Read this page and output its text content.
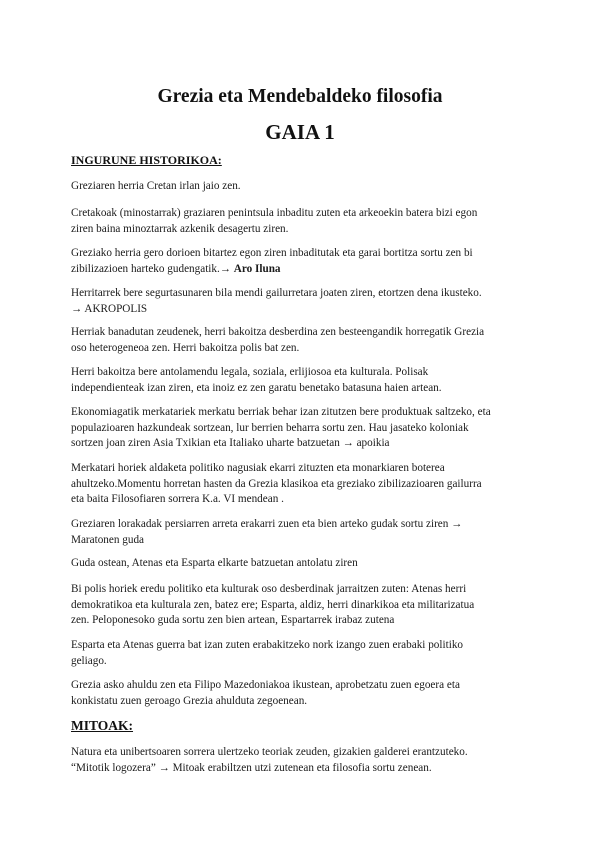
Grezia eta Mendebaldeko filosofia
GAIA 1
INGURUNE HISTORIKOA:

Greziaren herria Cretan irlan jaio zen.

Cretakoak (minostarrak) graziaren penintsula inbaditu zuten eta arkeoekin batera bizi egon
ziren baina minoztarrak azkenik desagertu ziren.

Greziako herria gero dorioen bitartez egon ziren inbaditutak eta garai bortitza sortu zen bi
zibilizazioen harteko gudengatik.→ Aro Iluna

Herritarrek bere segurtasunaren bila mendi gailurretara joaten ziren, etortzen dena ikusteko.
→ AKROPOLIS

Herriak banadutan zeudenek, herri bakoitza desberdina zen besteengandik horregatik Grezia
oso heterogeneoa zen. Herri bakoitza polis bat zen.

Herri bakoitza bere antolamendu legala, soziala, erlijiosoa eta kulturala. Polisak
independienteak izan ziren, eta inoiz ez zen garatu benetako batasuna haien artean.

Ekonomiagatik merkatariek merkatu berriak behar izan zitutzen bere produktuak saltzeko, eta
populazioaren hazkundeak sortzean, lur berrien beharra sortu zen. Hau jasateko koloniak
sortzen joan ziren Asia Txikian eta Italiako uharte batzuetan → apoikia

Merkatari horiek aldaketa politiko nagusiak ekarri zituzten eta monarkiaren boterea
ahultzeko.Momentu horretan hasten da Grezia klasikoa eta greziako zibilizazioaren gailurra
eta baita Filosofiaren sorrera K.a. VI mendean .

Greziaren lorakadak persiarren arreta erakarri zuen eta bien arteko gudak sortu ziren →
Maratonen guda

Guda ostean, Atenas eta Esparta elkarte batzuetan antolatu ziren

Bi polis horiek eredu politiko eta kulturak oso desberdinak jarraitzen zuten: Atenas herri
demokratikoa eta kulturala zen, batez ere; Esparta, aldiz, herri dinarkikoa eta militarizatua
zen. Peloponesoko guda sortu zen bien artean, Espartarrek irabaz zutena

Esparta eta Atenas guerra bat izan zuten erabakitzeko nork izango zuen erabaki politiko
geliago.

Grezia asko ahuldu zen eta Filipo Mazedoniakoa ikustean, aprobetzatu zuen egoera eta
konkistatu zuen geroago Grezia ahulduta zegoenean.

MITOAK:

Natura eta unibertsoaren sorrera ulertzeko teoriak zeuden, gizakien galderei erantzuteko.
“Mitotik logozera” → Mitoak erabiltzen utzi zutenean eta filosofia sortu zenean.
